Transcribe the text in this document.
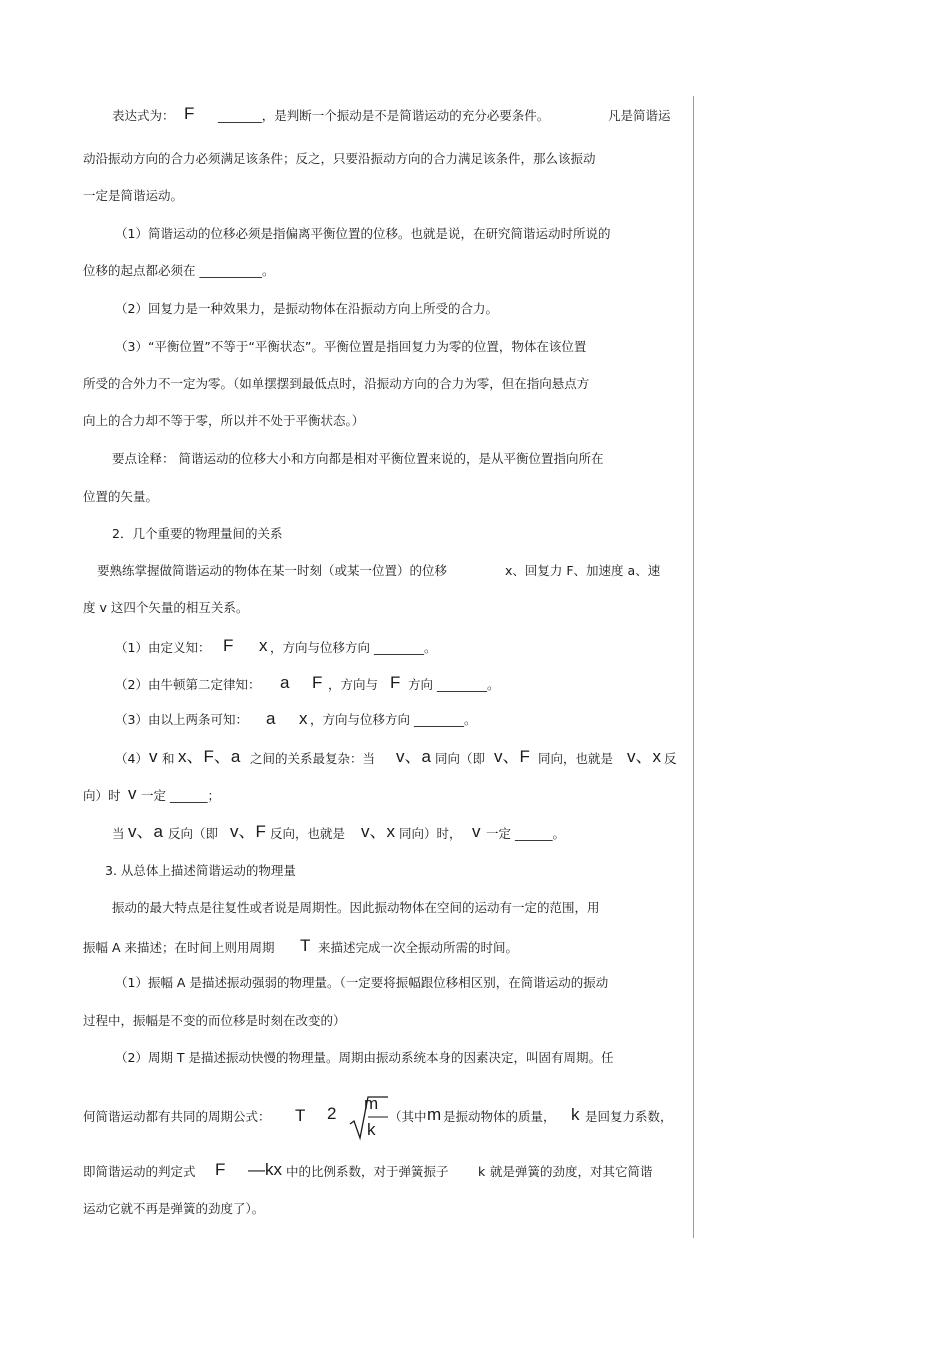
表达式为： F _______，是判断一个振动是不是简谐运动的充分必要条件。	凡是简谐运
动沿振动方向的合力必须满足该条件；反之，只要沿振动方向的合力满足该条件，那么该振动
一定是简谐运动。
（1）简谐运动的位移必须是指偏离平衡位置的位移。也就是说，在研究简谐运动时所说的
位移的起点都必须在 __________。
（2）回复力是一种效果力，是振动物体在沿振动方向上所受的合力。
（3）“平衡位置”不等于“平衡状态”。平衡位置是指回复力为零的位置，物体在该位置
所受的合外力不一定为零。（如单摆摆到最低点时，沿振动方向的合力为零，但在指向悬点方
向上的合力却不等于零，所以并不处于平衡状态。）
要点诠释： 简谐运动的位移大小和方向都是相对平衡位置来说的，是从平衡位置指向所在
位置的矢量。
2．几个重要的物理量间的关系
要熟练掌握做简谐运动的物体在某一时刻（或某一位置）的位移	x、回复力 F、加速度 a、速
度 v 这四个矢量的相互关系。
（1）由定义知： F x ，方向与位移方向 ________。
（2）由牛顿第二定律知： a F ，方向与 F 方向 ________。
（3）由以上两条可知： a x ，方向与位移方向 ________。
（4） v 和 x、F、a 之间的关系最复杂：当 v、a 同向（即 v、F 同向，也就是 v、x 反
向）时 v 一定 ______；
当 v、a 反向（即 v、F 反向，也就是 v、x 同向）时， v 一定 ______。
3. 从总体上描述简谐运动的物理量
振动的最大特点是往复性或者说是周期性。因此振动物体在空间的运动有一定的范围，用
振幅 A 来描述；在时间上则用周期 T 来描述完成一次全振动所需的时间。
（1）振幅 A 是描述振动强弱的物理量。（一定要将振幅跟位移相区别，在简谐运动的振动
过程中，振幅是不变的而位移是时刻在改变的）
（2）周期 T 是描述振动快慢的物理量。周期由振动系统本身的因素决定，叫固有周期。任
何简谐运动都有共同的周期公式： T 2
m
k
（其中 m 是振动物体的质量， k 是回复力系数，
即简谐运动的判定式 F —kx 中的比例系数，对于弹簧振子 k 就是弹簧的劲度，对其它简谐
运动它就不再是弹簧的劲度了）。
